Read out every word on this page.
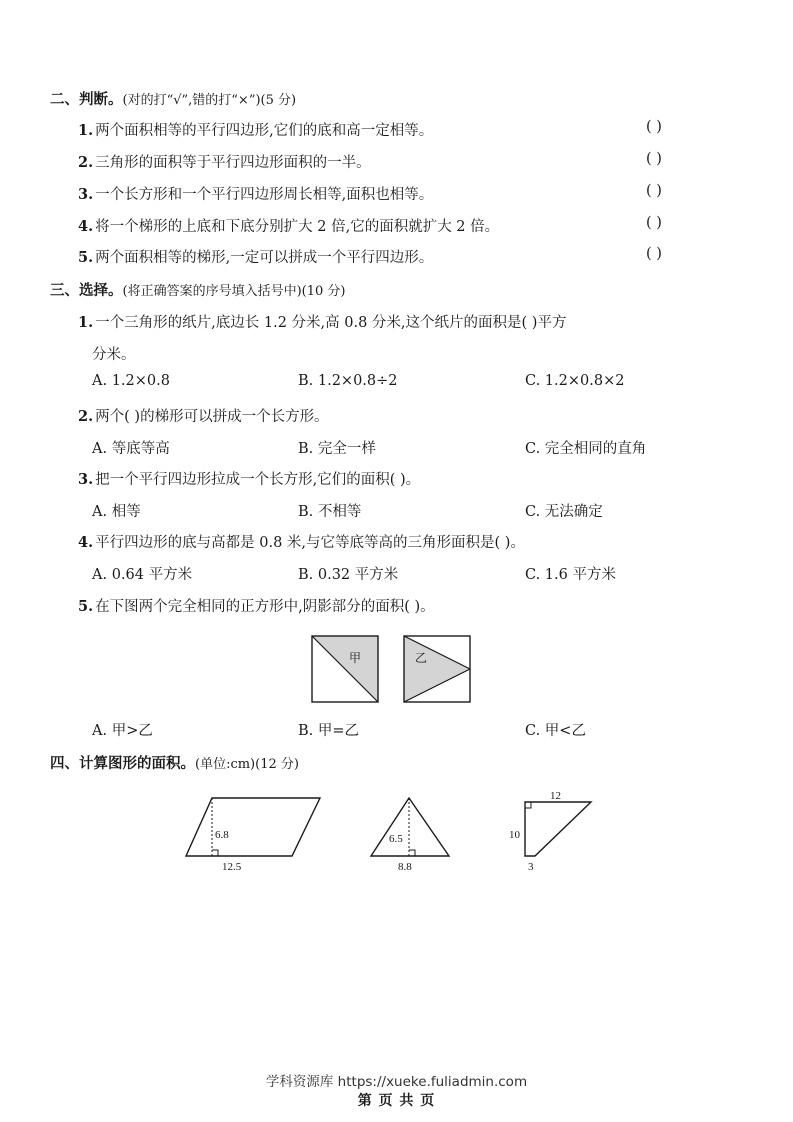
二、判断。(对的打“√”,错的打“×”)(5 分)
1. 两个面积相等的平行四边形,它们的底和高一定相等。	( )
2. 三角形的面积等于平行四边形面积的一半。	( )
3. 一个长方形和一个平行四边形周长相等,面积也相等。	( )
4. 将一个梯形的上底和下底分别扩大 2 倍,它的面积就扩大 2 倍。	( )
5. 两个面积相等的梯形,一定可以拼成一个平行四边形。	( )
三、选择。(将正确答案的序号填入括号中)(10 分)
1. 一个三角形的纸片,底边长 1.2 分米,高 0.8 分米,这个纸片的面积是( )平方
分米。
A. 1.2×0.8	B. 1.2×0.8÷2	C. 1.2×0.8×2
2. 两个( )的梯形可以拼成一个长方形。
A. 等底等高	B. 完全一样	C. 完全相同的直角
3. 把一个平行四边形拉成一个长方形,它们的面积( )。
A. 相等	B. 不相等	C. 无法确定
4. 平行四边形的底与高都是 0.8 米,与它等底等高的三角形面积是( )。
A. 0.64 平方米	B. 0.32 平方米	C. 1.6 平方米
5. 在下图两个完全相同的正方形中,阴影部分的面积( )。
甲	乙
A. 甲>乙	B. 甲=乙	C. 甲<乙
四、计算图形的面积。(单位:cm)(12 分)
6.8
12.5
6.5
8.8
12
10
3
学科资源库 https://xueke.fuliadmin.com
第 页 共 页
